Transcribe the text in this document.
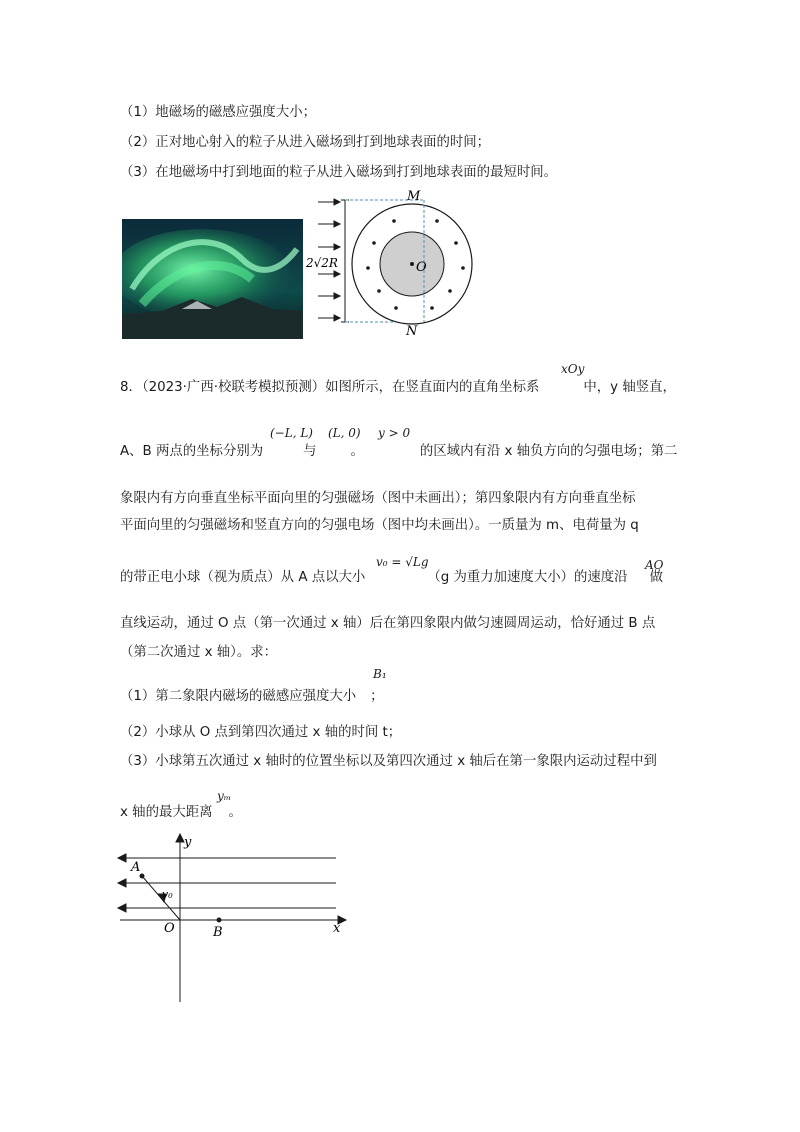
（1）地磁场的磁感应强度大小；
（2）正对地心射入的粒子从进入磁场到打到地球表面的时间；
（3）在地磁场中打到地面的粒子从进入磁场到打到地球表面的最短时间。
2√2R	O
M
N
8．（2023·广西·校联考模拟预测）如图所示，在竖直面内的直角坐标系	中，y 轴竖直，
xOy
A、B 两点的坐标分别为	与	。	的区域内有沿 x 轴负方向的匀强电场；第二
(−L, L) (L, 0) y > 0
象限内有方向垂直坐标平面向里的匀强磁场（图中未画出）；第四象限内有方向垂直坐标
平面向里的匀强磁场和竖直方向的匀强电场（图中均未画出）。一质量为 m、电荷量为 q
的带正电小球（视为质点）从 A 点以大小	（g 为重力加速度大小）的速度沿 做
v₀ = √Lg	AO
直线运动，通过 O 点（第一次通过 x 轴）后在第四象限内做匀速圆周运动，恰好通过 B 点
（第二次通过 x 轴）。求：
（1）第二象限内磁场的磁感应强度大小 ；
B₁
（2）小球从 O 点到第四次通过 x 轴的时间 t；
（3）小球第五次通过 x 轴时的位置坐标以及第四次通过 x 轴后在第一象限内运动过程中到
x 轴的最大距离 。
yₘ
y
x
O
A
B
v₀
